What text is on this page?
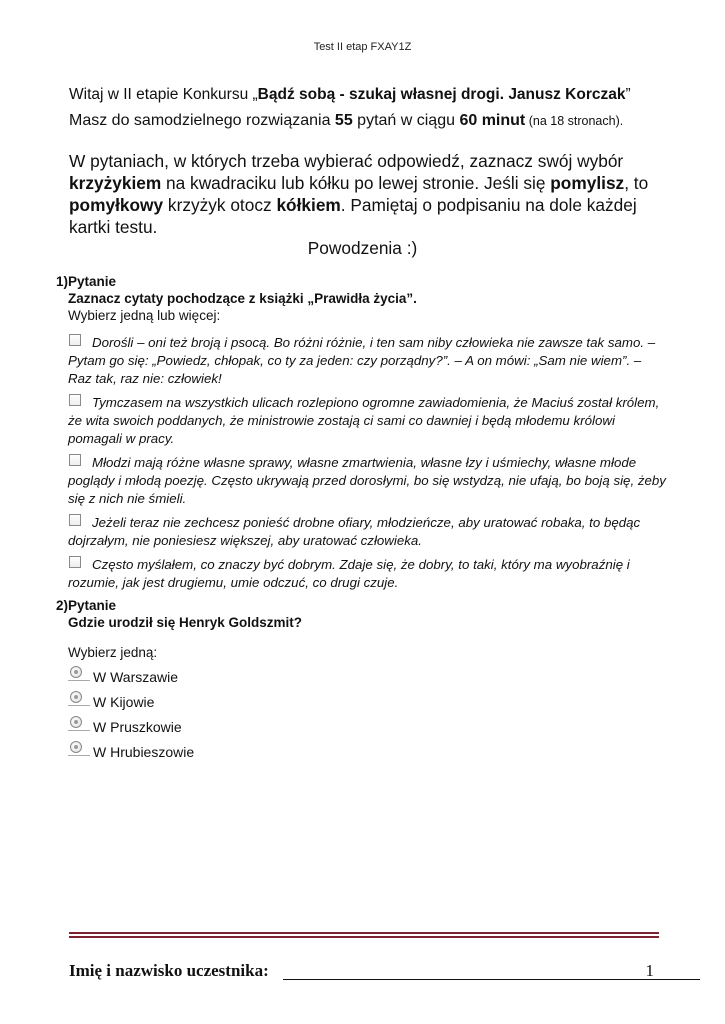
Test II etap FXAY1Z
Witaj w II etapie Konkursu „Bądź sobą - szukaj własnej drogi. Janusz Korczak”
Masz do samodzielnego rozwiązania 55 pytań w ciągu 60 minut (na 18 stronach).
W pytaniach, w których trzeba wybierać odpowiedź, zaznacz swój wybór krzyżykiem na kwadraciku lub kółku po lewej stronie. Jeśli się pomylisz, to pomyłkowy krzyżyk otocz kółkiem. Pamiętaj o podpisaniu na dole każdej kartki testu.
Powodzenia :)
1)Pytanie
Zaznacz cytaty pochodzące z książki „Prawidła życia”.
Wybierz jedną lub więcej:
Dorośli – oni też broją i psocą. Bo różni różnie, i ten sam niby człowieka nie zawsze tak samo. – Pytam go się: „Powiedz, chłopak, co ty za jeden: czy porządny?”. – A on mówi: „Sam nie wiem”. – Raz tak, raz nie: człowiek!
Tymczasem na wszystkich ulicach rozlepiono ogromne zawiadomienia, że Maciuś został królem, że wita swoich poddanych, że ministrowie zostają ci sami co dawniej i będą młodemu królowi pomagali w pracy.
Młodzi mają różne własne sprawy, własne zmartwienia, własne łzy i uśmiechy, własne młode poglądy i młodą poezję. Często ukrywają przed dorosłymi, bo się wstydzą, nie ufają, bo boją się, żeby się z nich nie śmieli.
Jeżeli teraz nie zechcesz ponieść drobne ofiary, młodzieńcze, aby uratować robaka, to będąc dojrzałym, nie poniesiesz większej, aby uratować człowieka.
Często myślałem, co znaczy być dobrym. Zdaje się, że dobry, to taki, który ma wyobraźnię i rozumie, jak jest drugiemu, umie odczuć, co drugi czuje.
2)Pytanie
Gdzie urodził się Henryk Goldszmit?
Wybierz jedną:
W Warszawie
W Kijowie
W Pruszkowie
W Hrubieszowie
Imię i nazwisko uczestnika:	1
